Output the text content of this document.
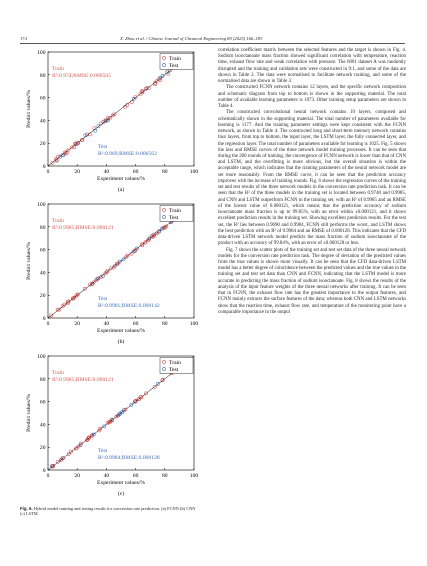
174	X. Zhou et al. / Chinese Journal of Chemical Engineering 80 (2025) 166–183
0	20	40	60	80	100
0
20
40
60
80
100
Experiment values/%
Predict values/%
(a)
Train
Test
Train
R²:0.974;RMSE:0.000505
Test
R²:0.969;RMSE:0.000562
0	20	40	60	80	100
0
20
40
60
80
100
Experiment values/%
Predict values/%
(b)
Train
Test
Train
R²:0.9985;RMSE:0.000121
Test
R²:0.9981;RMSE:0.000142
0	20	40	60	80	100
0
20
40
60
80
100
Experiment values/%
Predict values/%
(c)
Train
Test
Train
R²:0.9985;RMSE:0.000121
Test
R²:0.9984;RMSE:0.000128
Fig. 6. Hybrid model training and testing results for conversion rate prediction. (a) FCNN (b) CNN (c) LSTM.

correlation coefficient matrix between the selected features and the target is shown in Fig. 4. Sodium isooctanoate mass fraction showed significant correlation with temperature, reaction time, exhaust flow rate and weak correlation with pressure. The 6001 dataset A was randomly disrupted and the training and validation sets were constructed in 9:1, and some of the data are shown in Table 2. The data were normalised to facilitate network training, and some of the normalised data are shown in Table 3.

The constructed FCNN network contains 12 layers, and the specific network composition and schematic diagram from top to bottom is shown in the supporting material. The total number of available learning parameters is 1073. Other training setup parameters are shown in Table 4.

The constructed convolutional neural network contains 10 layers, composed and schematically shown in the supporting material. The total number of parameters available for learning is 1177. And the training parameter settings were kept consistent with the FCNN network, as shown in Table 4. The constructed long and short-term memory network contains four layers, from top to bottom, the input layer, the LSTM layer, the fully connected layer, and the regression layer. The total number of parameters available for learning is 1025. Fig. 5 shows the loss and RMSE curves of the three network model training processes. It can be seen that during the 200 rounds of training, the convergence of FCNN network is lower than that of CNN and LSTM, and the overfitting is more obvious, but the overall situation is within the acceptable range, which indicates that the training parameters of the neural network model are set more reasonably. From the RMSE curve, it can be seen that the prediction accuracy improves with the increase of training rounds. Fig. 6 shows the regression curves of the training set and test results of the three network models in the conversion rate prediction task. It can be seen that the R² of the three models in the training set is located between 0.9740 and 0.9985, and CNN and LSTM outperform FCNN in the training set, with an R² of 0.9985 and an RMSE of the lowest value of 0.000121, which means that the prediction accuracy of sodium isooctanoate mass fraction is up to 99.85%, with an error within ±0.000121, and it shows excellent prediction results in the training set. Showing excellent prediction results. For the test set, the R² lies between 0.9690 and 0.9984, FCNN still performs the worst, and LSTM shows the best prediction with an R² of 0.9984 and an RMSE of 0.000128. This indicates that the CFD data-driven LSTM network model predicts the mass fraction of sodium isooctanoate of the product with an accuracy of 99.84%, with an error of ±0.000128 or less.

Fig. 7 shows the scatter plots of the training set and test set data of the three neural network models for the conversion rate prediction task. The degree of deviation of the predicted values from the true values is shown more visually. It can be seen that the CFD data-driven LSTM model has a better degree of coincidence between the predicted values and the true values in the training set and test set data than CNN and FCNN, indicating that the LSTM model is more accurate in predicting the mass fraction of sodium isooctanoate. Fig. 8 shows the results of the analysis of the input feature weights of the three neural networks after training. It can be seen that in FCNN, the exhaust flow rate has the greatest importance to the output features, and FCNN mainly extracts the surface features of the data; whereas both CNN and LSTM networks show that the reaction time, exhaust flow rate, and temperature of the monitoring point have a comparable importance to the output
